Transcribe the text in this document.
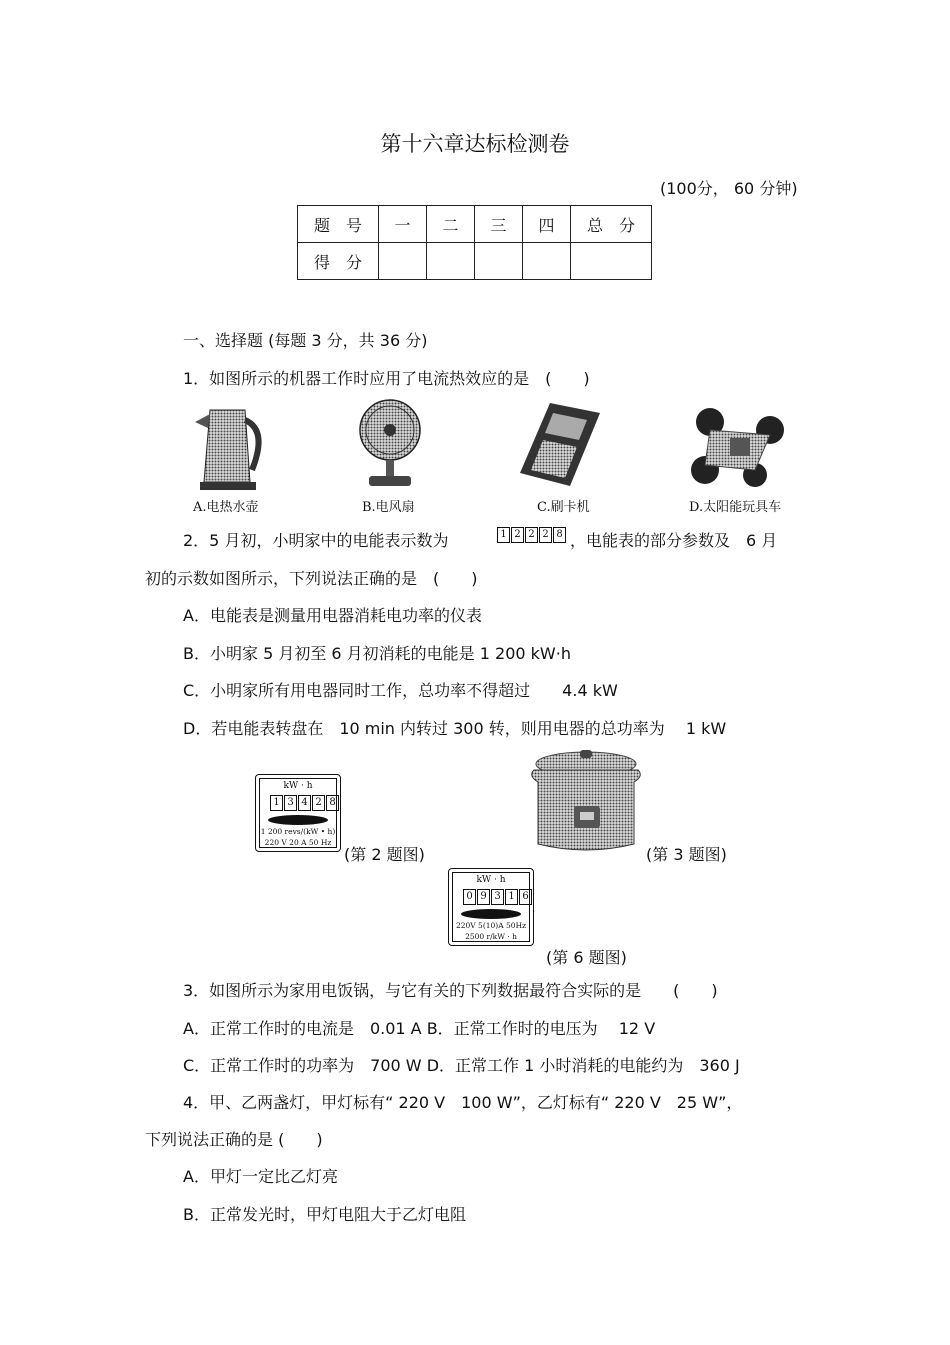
第十六章达标检测卷
(100分， 60 分钟)
题　号	一	二	三	四	总　分
得　分					
一、选择题 (每题 3 分，共 36 分)
1．如图所示的机器工作时应用了电流热效应的是　(　　)
A.电热水壶	B.电风扇	C.刷卡机	D.太阳能玩具车
2．5 月初，小明家中的电能表示数为	1 2 2 2 8 ，电能表的部分参数及　6 月
初的示数如图所示，下列说法正确的是　(　　)
A．电能表是测量用电器消耗电功率的仪表
B．小明家 5 月初至 6 月初消耗的电能是 1 200 kW·h
C．小明家所有用电器同时工作，总功率不得超过　　4.4 kW
D．若电能表转盘在　10 min 内转过 300 转，则用电器的总功率为　 1 kW
kW · h
1 3 4 2 8
1 200 revs/(kW • h)
220 V 20 A 50 Hz
(第 2 题图)	(第 3 题图)
kW · h
0 9 3 1 6
220V 5(10)A 50Hz
2500 r/kW · h
(第 6 题图)
3．如图所示为家用电饭锅，与它有关的下列数据最符合实际的是　　(　　)
A．正常工作时的电流是　0.01 A B．正常工作时的电压为　 12 V
C．正常工作时的功率为　700 W D．正常工作 1 小时消耗的电能约为　360 J
4．甲、乙两盏灯，甲灯标有“ 220 V　100 W”，乙灯标有“ 220 V　25 W”，
下列说法正确的是 (　　)
A．甲灯一定比乙灯亮
B．正常发光时，甲灯电阻大于乙灯电阻
